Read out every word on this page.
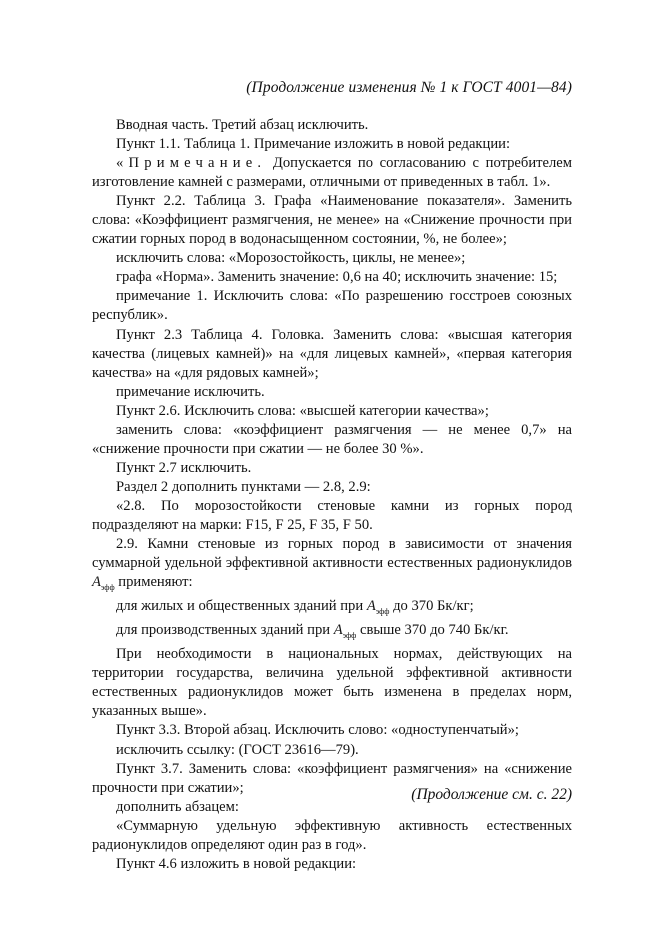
(Продолжение изменения № 1 к ГОСТ 4001—84)

Вводная часть. Третий абзац исключить.

Пункт 1.1. Таблица 1. Примечание изложить в новой редакции:

«Примечание. Допускается по согласованию с потребителем изготовление камней с размерами, отличными от приведенных в табл. 1».

Пункт 2.2. Таблица 3. Графа «Наименование показателя». Заменить слова: «Коэффициент размягчения, не менее» на «Снижение прочности при сжатии горных пород в водонасыщенном состоянии, %, не более»;

исключить слова: «Морозостойкость, циклы, не менее»;

графа «Норма». Заменить значение: 0,6 на 40; исключить значение: 15;

примечание 1. Исключить слова: «По разрешению госстроев союзных республик».

Пункт 2.3 Таблица 4. Головка. Заменить слова: «высшая категория качества (лицевых камней)» на «для лицевых камней», «первая категория качества» на «для рядовых камней»;

примечание исключить.

Пункт 2.6. Исключить слова: «высшей категории качества»;

заменить слова: «коэффициент размягчения — не менее 0,7» на «снижение прочности при сжатии — не более 30 %».

Пункт 2.7 исключить.

Раздел 2 дополнить пунктами — 2.8, 2.9:

«2.8. По морозостойкости стеновые камни из горных пород подразделяют на марки: F15, F 25, F 35, F 50.

2.9. Камни стеновые из горных пород в зависимости от значения суммарной удельной эффективной активности естественных радионуклидов $A_{эфф}$ применяют:

для жилых и общественных зданий при $A_{эфф}$ до 370 Бк/кг;

для производственных зданий при $A_{эфф}$ свыше 370 до 740 Бк/кг.

При необходимости в национальных нормах, действующих на территории государства, величина удельной эффективной активности естественных радионуклидов может быть изменена в пределах норм, указанных выше».

Пункт 3.3. Второй абзац. Исключить слово: «одноступенчатый»;

исключить ссылку: (ГОСТ 23616—79).

Пункт 3.7. Заменить слова: «коэффициент размягчения» на «снижение прочности при сжатии»;

дополнить абзацем:

«Суммарную удельную эффективную активность естественных радионуклидов определяют один раз в год».

Пункт 4.6 изложить в новой редакции:

(Продолжение см. с. 22)
